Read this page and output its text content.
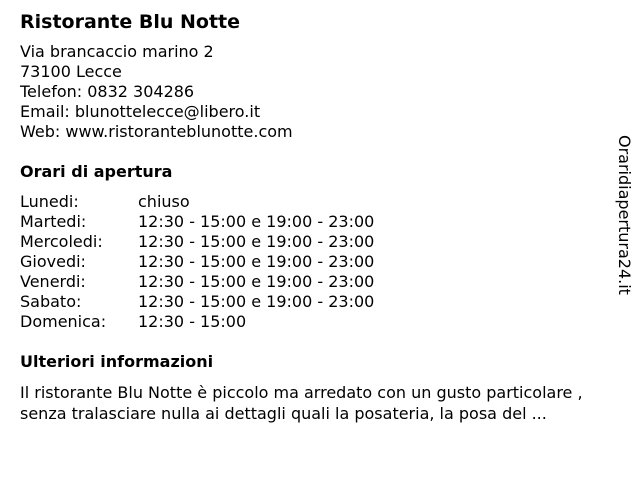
Ristorante Blu Notte
Via brancaccio marino 2
73100 Lecce
Telefon: 0832 304286
Email: blunottelecce@libero.it
Web: www.ristoranteblunotte.com
Orari di apertura
Lunedi:	chiuso
Martedi:	12:30 - 15:00 e 19:00 - 23:00
Mercoledi:	12:30 - 15:00 e 19:00 - 23:00
Giovedi:	12:30 - 15:00 e 19:00 - 23:00
Venerdi:	12:30 - 15:00 e 19:00 - 23:00
Sabato:	12:30 - 15:00 e 19:00 - 23:00
Domenica:	12:30 - 15:00
Ulteriori informazioni
Il ristorante Blu Notte è piccolo ma arredato con un gusto particolare , senza tralasciare nulla ai dettagli quali la posateria, la posa del ...
Oraridiapertura24.it
